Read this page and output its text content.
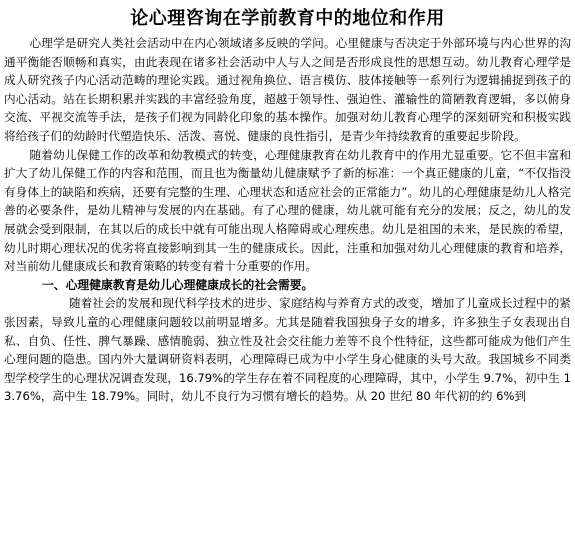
论心理咨询在学前教育中的地位和作用

心理学是研究人类社会活动中在内心领域诸多反映的学问。心里健康与否决定于外部环境与内心世界的沟通平衡能否顺畅和真实，由此表现在诸多社会活动中人与人之间是否形成良性的思想互动。幼儿教育心理学是成人研究孩子内心活动范畴的理论实践。通过视角换位、语言模仿、肢体接触等一系列行为逻辑捕捉到孩子的内心活动。站在长期积累并实践的丰富经验角度，超越于领导性、强迫性、灌输性的简陋教育逻辑，多以俯身交流、平视交流等手法，是孩子们视为同龄化印象的基本操作。加强对幼儿教育心理学的深刻研究和积极实践将给孩子们的幼龄时代塑造快乐、活泼、喜悦、健康的良性指引，是青少年持续教育的重要起步阶段。

随着幼儿保健工作的改革和幼教模式的转变，心理健康教育在幼儿教育中的作用尤显重要。它不但丰富和扩大了幼儿保健工作的内容和范围，而且也为衡量幼儿健康赋予了新的标准：一个真正健康的儿童，“不仅指没有身体上的缺陷和疾病，还要有完整的生理、心理状态和适应社会的正常能力”。幼儿的心理健康是幼儿人格完善的必要条件，是幼儿精神与发展的内在基础。有了心理的健康，幼儿就可能有充分的发展；反之，幼儿的发展就会受到限制，在其以后的成长中就有可能出现人格障碍或心理疾患。幼儿是祖国的未来，是民族的希望，幼儿时期心理状况的优劣将直接影响到其一生的健康成长。因此，注重和加强对幼儿心理健康的教育和培养，对当前幼儿健康成长和教育策略的转变有着十分重要的作用。

一、心理健康教育是幼儿心理健康成长的社会需要。

随着社会的发展和现代科学技术的进步、家庭结构与养育方式的改变，增加了儿童成长过程中的紧张因素，导致儿童的心理健康问题较以前明显增多。尤其是随着我国独身子女的增多，许多独生子女表现出自私、自负、任性、脾气暴躁、感情脆弱、独立性及社会交往能力差等不良个性特征，这些都可能成为他们产生心理问题的隐患。国内外大量调研资料表明，心理障碍已成为中小学生身心健康的头号大敌。我国城乡不同类型学校学生的心理状况调查发现，16.79%的学生存在着不同程度的心理障碍，其中，小学生 9.7%，初中生 13.76%，高中生 18.79%。同时，幼儿不良行为习惯有增长的趋势。从 20 世纪 80 年代初的约 6%到
